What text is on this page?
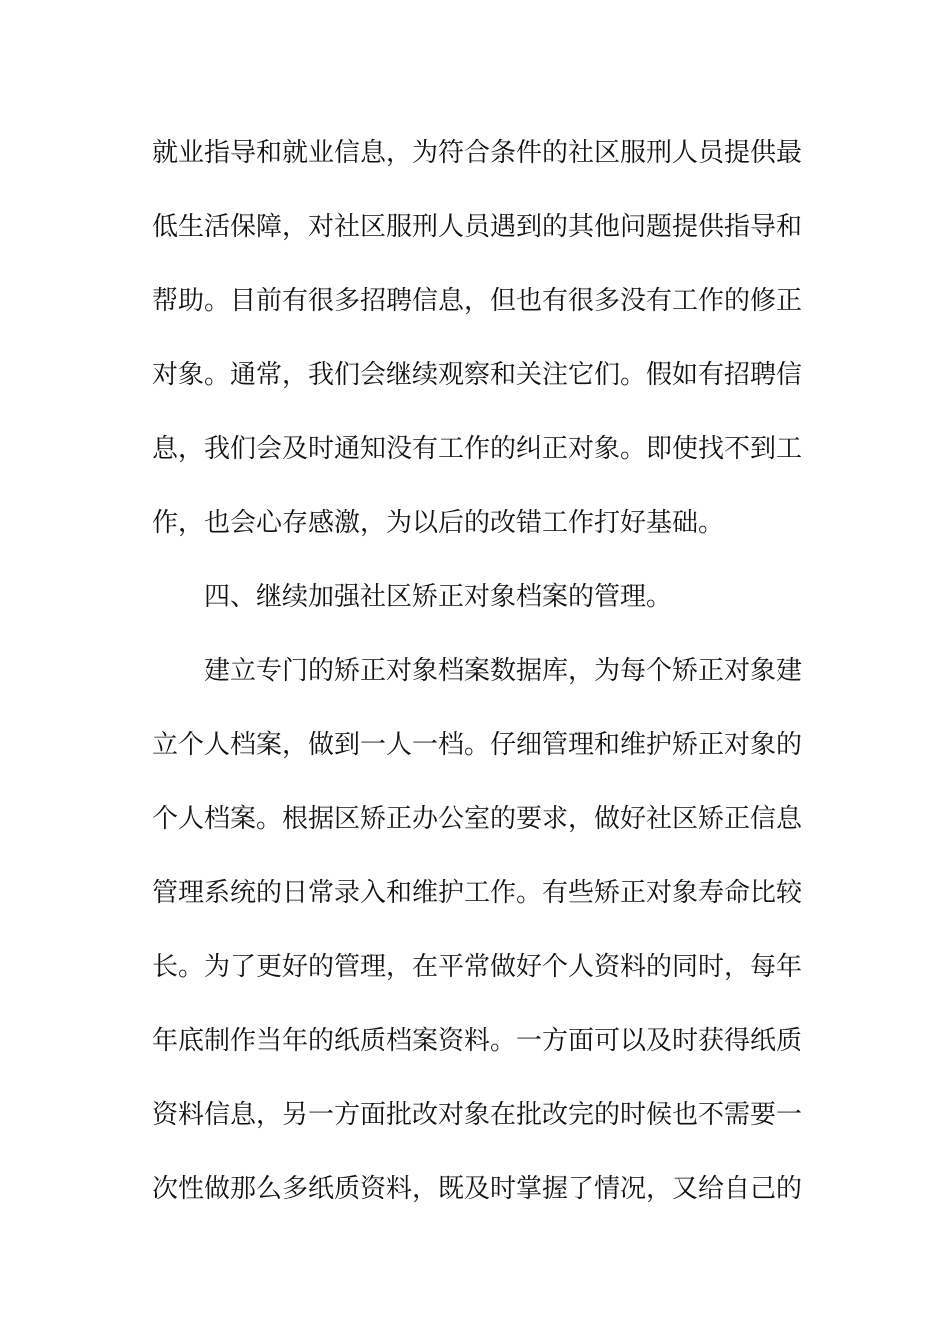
就业指导和就业信息，为符合条件的社区服刑人员提供最
低生活保障，对社区服刑人员遇到的其他问题提供指导和
帮助。目前有很多招聘信息，但也有很多没有工作的修正
对象。通常，我们会继续观察和关注它们。假如有招聘信
息，我们会及时通知没有工作的纠正对象。即使找不到工
作，也会心存感激，为以后的改错工作打好基础。
四、继续加强社区矫正对象档案的管理。
建立专门的矫正对象档案数据库，为每个矫正对象建
立个人档案，做到一人一档。仔细管理和维护矫正对象的
个人档案。根据区矫正办公室的要求，做好社区矫正信息
管理系统的日常录入和维护工作。有些矫正对象寿命比较
长。为了更好的管理，在平常做好个人资料的同时，每年
年底制作当年的纸质档案资料。一方面可以及时获得纸质
资料信息，另一方面批改对象在批改完的时候也不需要一
次性做那么多纸质资料，既及时掌握了情况，又给自己的
